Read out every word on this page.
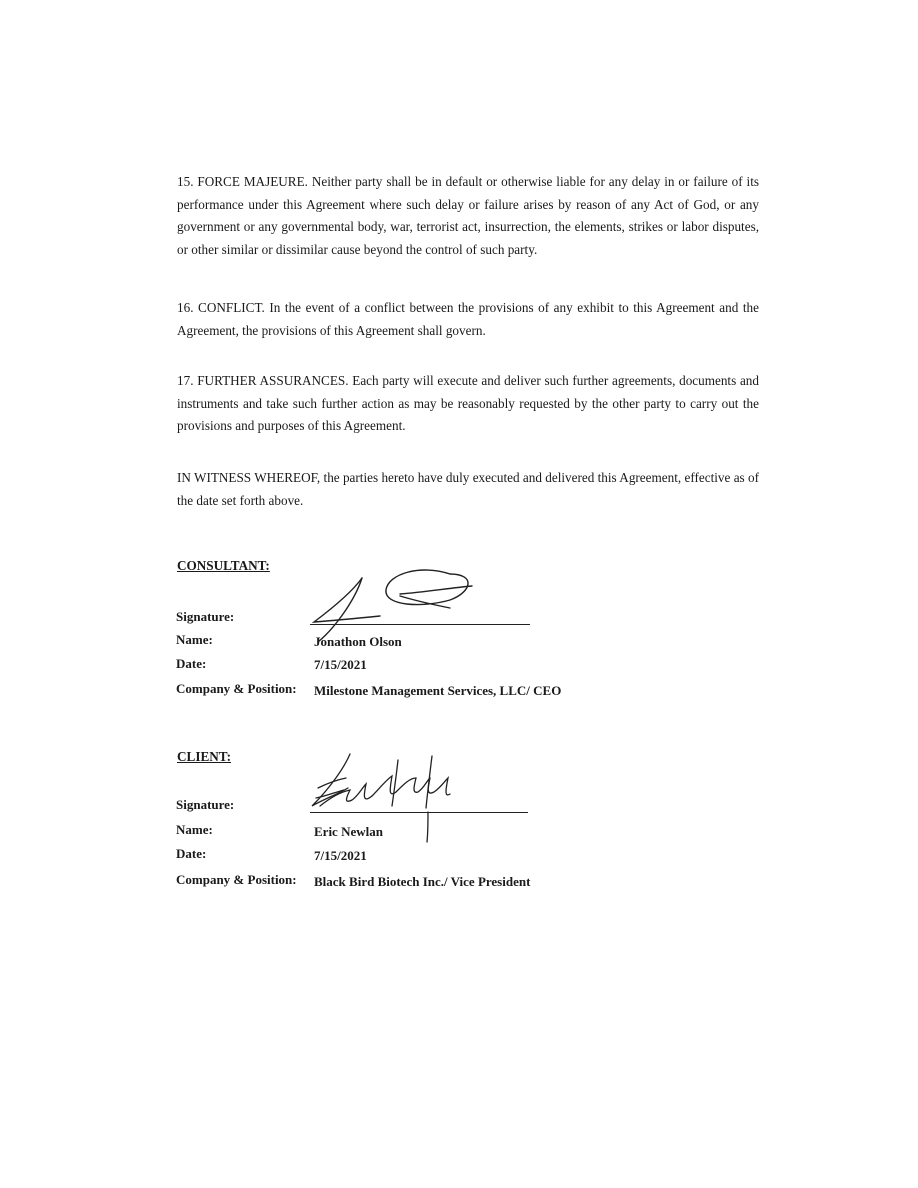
15. FORCE MAJEURE. Neither party shall be in default or otherwise liable for any delay in or failure of its performance under this Agreement where such delay or failure arises by reason of any Act of God, or any government or any governmental body, war, terrorist act, insurrection, the elements, strikes or labor disputes, or other similar or dissimilar cause beyond the control of such party.

16. CONFLICT. In the event of a conflict between the provisions of any exhibit to this Agreement and the Agreement, the provisions of this Agreement shall govern.

17. FURTHER ASSURANCES. Each party will execute and deliver such further agreements, documents and instruments and take such further action as may be reasonably requested by the other party to carry out the provisions and purposes of this Agreement.

IN WITNESS WHEREOF, the parties hereto have duly executed and delivered this Agreement, effective as of the date set forth above.

CONSULTANT:
Signature:
Name:	Jonathon Olson
Date:	7/15/2021
Company & Position: Milestone Management Services, LLC/ CEO
CLIENT:
Signature:
Name:	Eric Newlan
Date:	7/15/2021
Company & Position: Black Bird Biotech Inc./ Vice President
